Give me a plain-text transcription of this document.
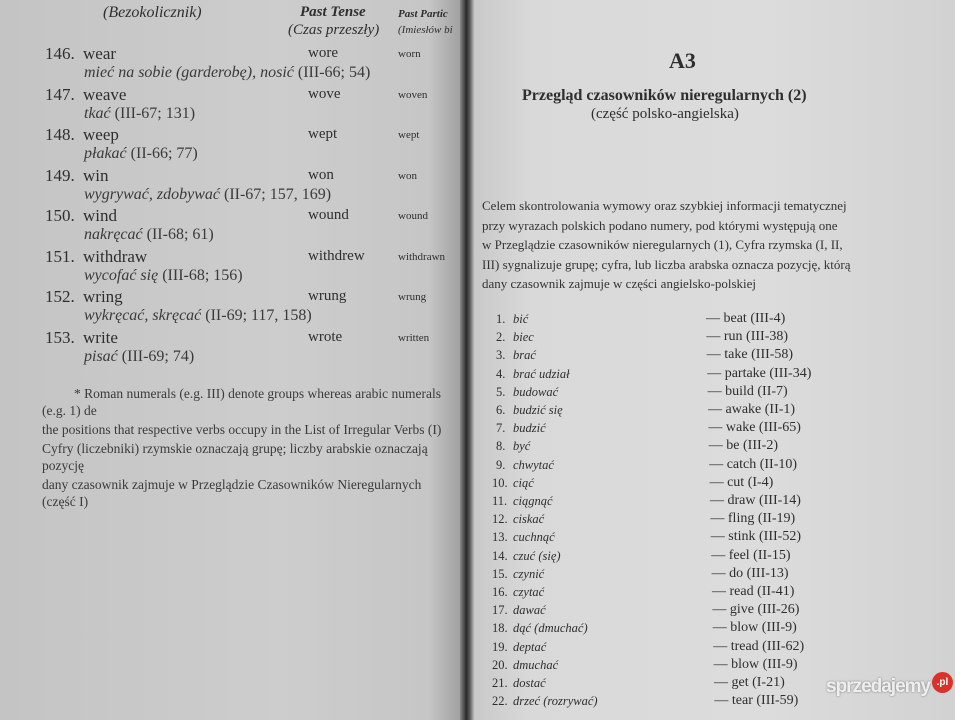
(Bezokolicznik)	Past Tense
(Czas przeszły)
Past Partic
(Imiesłów bi
146. wear	wore	worn
mieć na sobie (garderobę), nosić (III-66; 54)
147. weave	wove	woven
tkać (III-67; 131)
148. weep	wept	wept
płakać (II-66; 77)
149. win	won	won
wygrywać, zdobywać (II-67; 157, 169)
150. wind	wound	wound
nakręcać (II-68; 61)
151. withdraw	withdrew	withdrawn
wycofać się (III-68; 156)
152. wring	wrung	wrung
wykręcać, skręcać (II-69; 117, 158)
153. write	wrote	written
pisać (III-69; 74)
* Roman numerals (e.g. III) denote groups whereas arabic numerals (e.g. 1) de
the positions that respective verbs occupy in the List of Irregular Verbs (I)
Cyfry (liczebniki) rzymskie oznaczają grupę; liczby arabskie oznaczają pozycję
dany czasownik zajmuje w Przeglądzie Czasowników Nieregularnych (część I)
A3
Przegląd czasowników nieregularnych (2)
(część polsko-angielska)
Celem skontrolowania wymowy oraz szybkiej informacji tematycznej
przy wyrazach polskich podano numery, pod którymi występują one
w Przeglądzie czasowników nieregularnych (1), Cyfra rzymska (I, II,
III) sygnalizuje grupę; cyfra, lub liczba arabska oznacza pozycję, którą
dany czasownik zajmuje w części angielsko-polskiej
1. bić	— beat (III-4)
2. biec	— run (III-38)
3. brać	— take (III-58)
4. brać udział	— partake (III-34)
5. budować	— build (II-7)
6. budzić się	— awake (II-1)
7. budzić	— wake (III-65)
8. być	— be (III-2)
9. chwytać	— catch (II-10)
10. ciąć	— cut (I-4)
11. ciągnąć	— draw (III-14)
12. ciskać	— fling (II-19)
13. cuchnąć	— stink (III-52)
14. czuć (się)	— feel (II-15)
15. czynić	— do (III-13)
16. czytać	— read (II-41)
17. dawać	— give (III-26)
18. dąć (dmuchać)	— blow (III-9)
19. deptać	— tread (III-62)
20. dmuchać	— blow (III-9)
21. dostać	— get (I-21)
22. drzeć (rozrywać)	— tear (III-59)
sprzedajemy .pl
